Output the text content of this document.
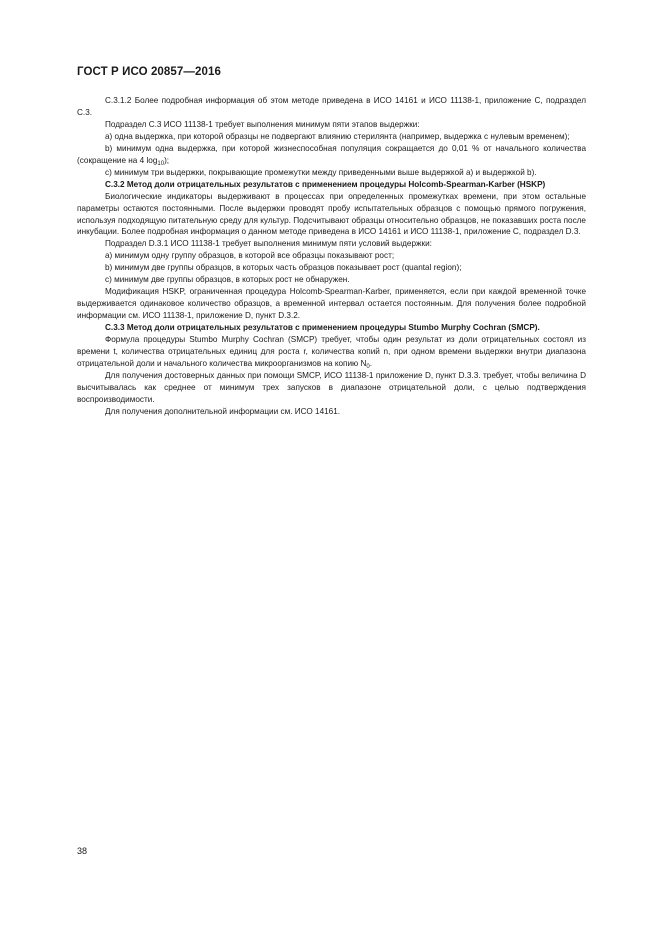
ГОСТ Р ИСО 20857—2016

С.3.1.2 Более подробная информация об этом методе приведена в ИСО 14161 и ИСО 11138-1, приложение С, подраздел С.3.

Подраздел С.3 ИСО 11138-1 требует выполнения минимум пяти этапов выдержки:

а) одна выдержка, при которой образцы не подвергают влиянию стерилянта (например, выдержка с нулевым временем);

b) минимум одна выдержка, при которой жизнеспособная популяция сокращается до 0,01 % от начального количества (сокращение на 4 $\log_{10}$);

с) минимум три выдержки, покрывающие промежутки между приведенными выше выдержкой а) и выдержкой b).

С.3.2 Метод доли отрицательных результатов с применением процедуры Holcomb-Spearman-Karber (HSKP)

Биологические индикаторы выдерживают в процессах при определенных промежутках времени, при этом остальные параметры остаются постоянными. После выдержки проводят пробу испытательных образцов с помощью прямого погружения, используя подходящую питательную среду для культур. Подсчитывают образцы относительно образцов, не показавших роста после инкубации. Более подробная информация о данном методе приведена в ИСО 14161 и ИСО 11138-1, приложение С, подраздел D.3.

Подраздел D.3.1 ИСО 11138-1 требует выполнения минимум пяти условий выдержки:

а) минимум одну группу образцов, в которой все образцы показывают рост;

b) минимум две группы образцов, в которых часть образцов показывает рост (quantal region);

с) минимум две группы образцов, в которых рост не обнаружен.

Модификация HSKP, ограниченная процедура Holcomb-Spearman-Karber, применяется, если при каждой временной точке выдерживается одинаковое количество образцов, а временной интервал остается постоянным. Для получения более подробной информации см. ИСО 11138-1, приложение D, пункт D.3.2.

С.3.3 Метод доли отрицательных результатов с применением процедуры Stumbo Murphy Cochran (SMCP).

Формула процедуры Stumbo Murphy Cochran (SMCP) требует, чтобы один результат из доли отрицательных состоял из времени t, количества отрицательных единиц для роста r, количества копий n, при одном времени выдержки внутри диапазона отрицательной доли и начального количества микроорганизмов на копию $N_0$.

Для получения достоверных данных при помощи SMCP, ИСО 11138-1 приложение D, пункт D.3.3. требует, чтобы величина D высчитывалась как среднее от минимум трех запусков в диапазоне отрицательной доли, с целью подтверждения воспроизводимости.

Для получения дополнительной информации см. ИСО 14161.

38
